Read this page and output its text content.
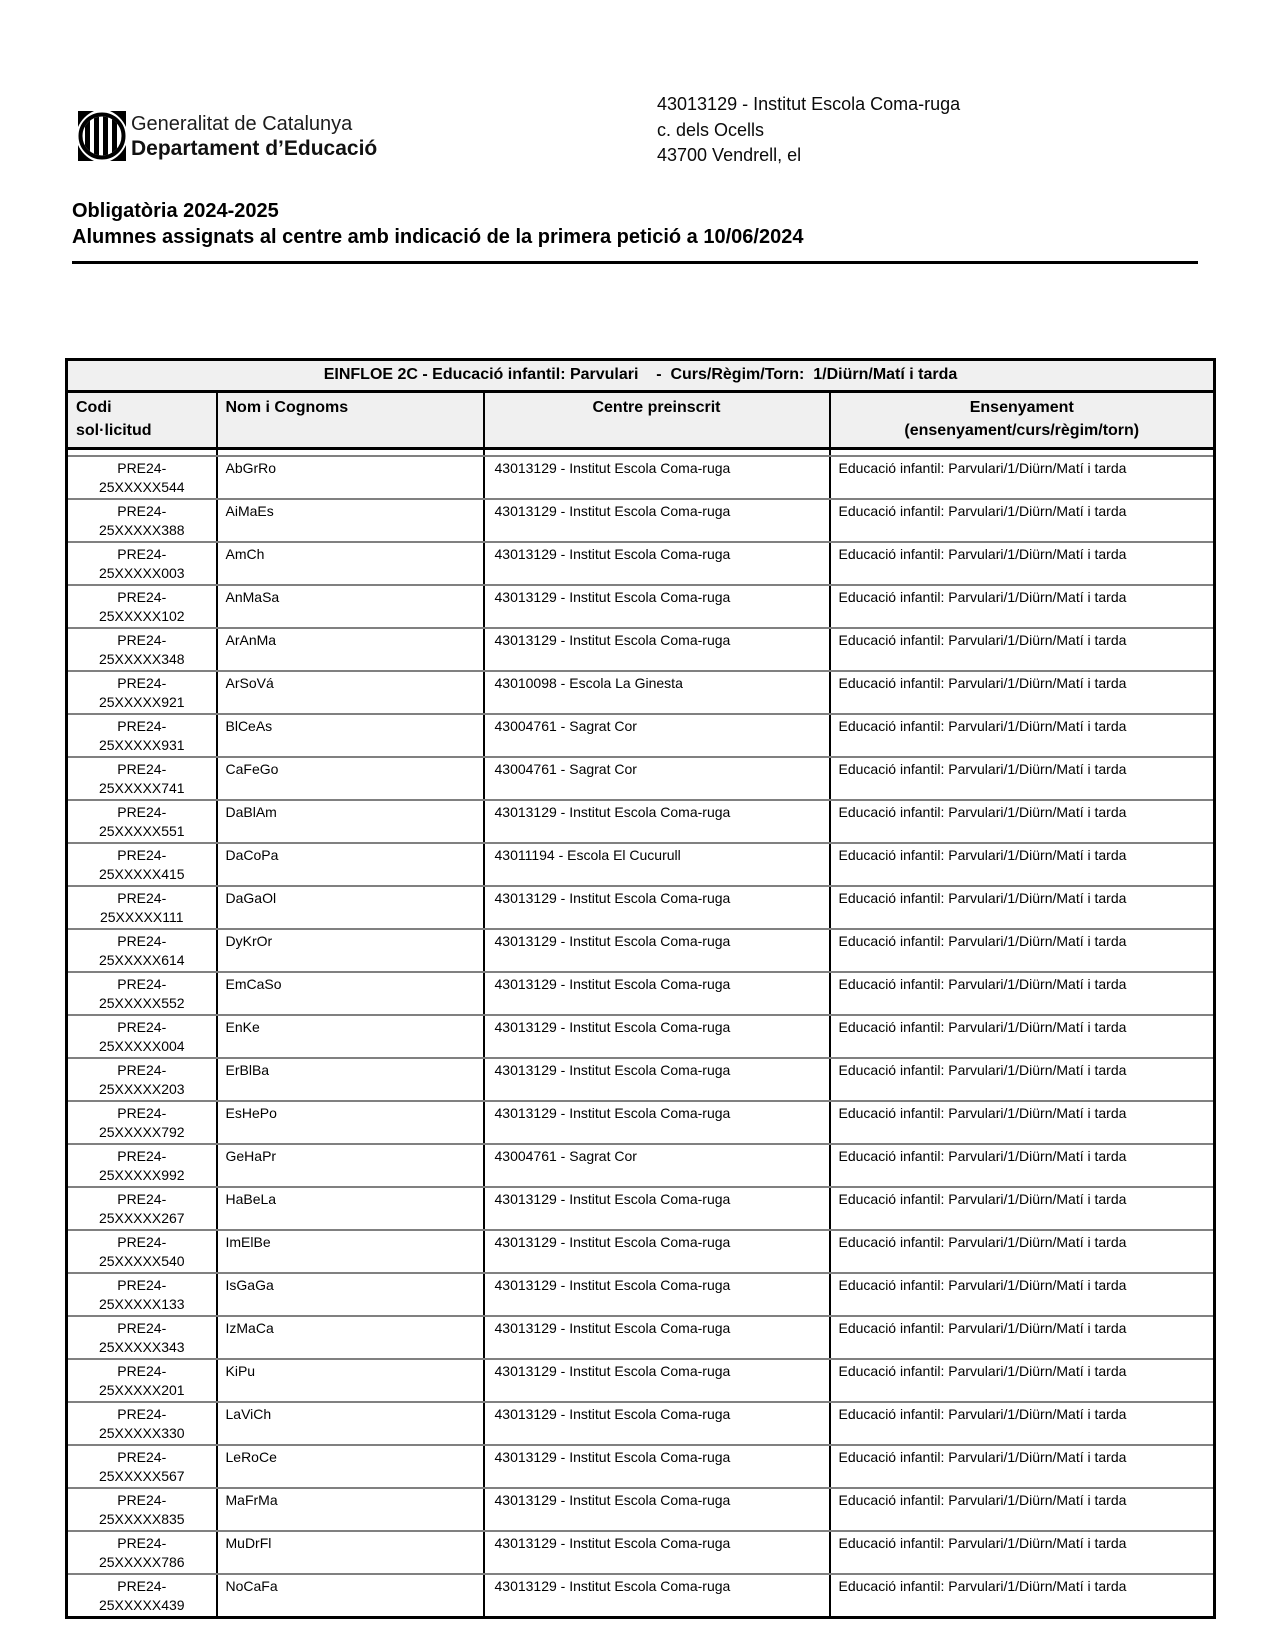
Generalitat de Catalunya
Departament d’Educació
43013129 - Institut Escola Coma-ruga
c. dels Ocells
43700 Vendrell, el
Obligatòria 2024-2025
Alumnes assignats al centre amb indicació de la primera petició a 10/06/2024
EINFLOE 2C - Educació infantil: Parvulari    -  Curs/Règim/Torn:  1/Diürn/Matí i tarda			

Codi
sol·licitud

Nom i Cognoms	Centre preinscrit	Ensenyament
(ensenyament/curs/règim/torn)

PRE24-
25XXXXX544	AbGrRo	43013129 - Institut Escola Coma-ruga	Educació infantil: Parvulari/1/Diürn/Matí i tarda

PRE24-
25XXXXX388	AiMaEs	43013129 - Institut Escola Coma-ruga	Educació infantil: Parvulari/1/Diürn/Matí i tarda

PRE24-
25XXXXX003	AmCh	43013129 - Institut Escola Coma-ruga	Educació infantil: Parvulari/1/Diürn/Matí i tarda

PRE24-
25XXXXX102	AnMaSa	43013129 - Institut Escola Coma-ruga	Educació infantil: Parvulari/1/Diürn/Matí i tarda

PRE24-
25XXXXX348	ArAnMa	43013129 - Institut Escola Coma-ruga	Educació infantil: Parvulari/1/Diürn/Matí i tarda

PRE24-
25XXXXX921	ArSoVá	43010098 - Escola La Ginesta	Educació infantil: Parvulari/1/Diürn/Matí i tarda

PRE24-
25XXXXX931	BlCeAs	43004761 - Sagrat Cor	Educació infantil: Parvulari/1/Diürn/Matí i tarda

PRE24-
25XXXXX741	CaFeGo	43004761 - Sagrat Cor	Educació infantil: Parvulari/1/Diürn/Matí i tarda

PRE24-
25XXXXX551	DaBlAm	43013129 - Institut Escola Coma-ruga	Educació infantil: Parvulari/1/Diürn/Matí i tarda

PRE24-
25XXXXX415	DaCoPa	43011194 - Escola El Cucurull	Educació infantil: Parvulari/1/Diürn/Matí i tarda

PRE24-
25XXXXX111	DaGaOl	43013129 - Institut Escola Coma-ruga	Educació infantil: Parvulari/1/Diürn/Matí i tarda

PRE24-
25XXXXX614	DyKrOr	43013129 - Institut Escola Coma-ruga	Educació infantil: Parvulari/1/Diürn/Matí i tarda

PRE24-
25XXXXX552	EmCaSo	43013129 - Institut Escola Coma-ruga	Educació infantil: Parvulari/1/Diürn/Matí i tarda

PRE24-
25XXXXX004	EnKe	43013129 - Institut Escola Coma-ruga	Educació infantil: Parvulari/1/Diürn/Matí i tarda

PRE24-
25XXXXX203	ErBlBa	43013129 - Institut Escola Coma-ruga	Educació infantil: Parvulari/1/Diürn/Matí i tarda

PRE24-
25XXXXX792	EsHePo	43013129 - Institut Escola Coma-ruga	Educació infantil: Parvulari/1/Diürn/Matí i tarda

PRE24-
25XXXXX992	GeHaPr	43004761 - Sagrat Cor	Educació infantil: Parvulari/1/Diürn/Matí i tarda

PRE24-
25XXXXX267	HaBeLa	43013129 - Institut Escola Coma-ruga	Educació infantil: Parvulari/1/Diürn/Matí i tarda

PRE24-
25XXXXX540	ImElBe	43013129 - Institut Escola Coma-ruga	Educació infantil: Parvulari/1/Diürn/Matí i tarda

PRE24-
25XXXXX133	IsGaGa	43013129 - Institut Escola Coma-ruga	Educació infantil: Parvulari/1/Diürn/Matí i tarda

PRE24-
25XXXXX343	IzMaCa	43013129 - Institut Escola Coma-ruga	Educació infantil: Parvulari/1/Diürn/Matí i tarda

PRE24-
25XXXXX201	KiPu	43013129 - Institut Escola Coma-ruga	Educació infantil: Parvulari/1/Diürn/Matí i tarda

PRE24-
25XXXXX330	LaViCh	43013129 - Institut Escola Coma-ruga	Educació infantil: Parvulari/1/Diürn/Matí i tarda

PRE24-
25XXXXX567	LeRoCe	43013129 - Institut Escola Coma-ruga	Educació infantil: Parvulari/1/Diürn/Matí i tarda

PRE24-
25XXXXX835	MaFrMa	43013129 - Institut Escola Coma-ruga	Educació infantil: Parvulari/1/Diürn/Matí i tarda

PRE24-
25XXXXX786	MuDrFl	43013129 - Institut Escola Coma-ruga	Educació infantil: Parvulari/1/Diürn/Matí i tarda

PRE24-
25XXXXX439	NoCaFa	43013129 - Institut Escola Coma-ruga	Educació infantil: Parvulari/1/Diürn/Matí i tarda
